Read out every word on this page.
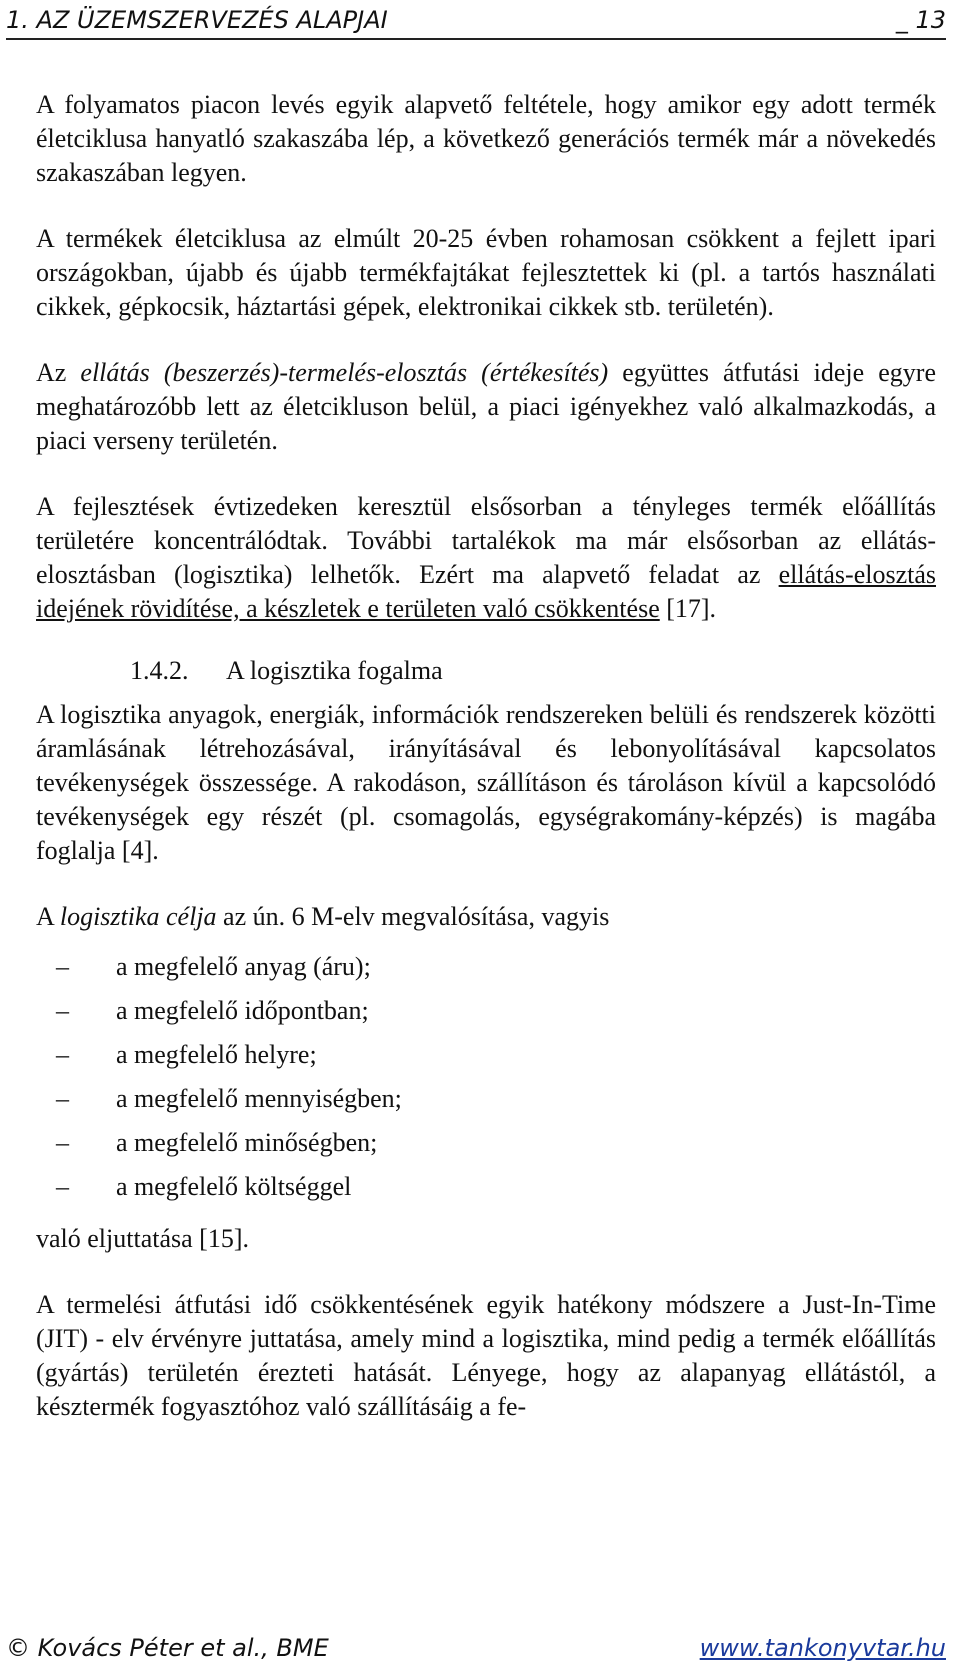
1. AZ ÜZEMSZERVEZÉS ALAPJAI	_ 13

A folyamatos piacon levés egyik alapvető feltétele, hogy amikor egy adott termék életciklusa hanyatló szakaszába lép, a következő generációs termék már a növekedés szakaszában legyen.

A termékek életciklusa az elmúlt 20-25 évben rohamosan csökkent a fejlett ipari országokban, újabb és újabb termékfajtákat fejlesztettek ki (pl. a tartós használati cikkek, gépkocsik, háztartási gépek, elektronikai cikkek stb. területén).

Az ellátás (beszerzés)-termelés-elosztás (értékesítés) együttes átfutási ideje egyre meghatározóbb lett az életcikluson belül, a piaci igényekhez való alkalmazkodás, a piaci verseny területén.

A fejlesztések évtizedeken keresztül elsősorban a tényleges termék előállítás területére koncentrálódtak. További tartalékok ma már elsősorban az ellátás-elosztásban (logisztika) lelhetők. Ezért ma alapvető feladat az ellátás-elosztás idejének rövidítése, a készletek e területen való csökkentése [17].

1.4.2. A logisztika fogalma

A logisztika anyagok, energiák, információk rendszereken belüli és rendszerek közötti áramlásának létrehozásával, irányításával és lebonyolításával kapcsolatos tevékenységek összessége. A rakodáson, szállításon és tároláson kívül a kapcsolódó tevékenységek egy részét (pl. csomagolás, egységrakomány-képzés) is magába foglalja [4].

A logisztika célja az ún. 6 M-elv megvalósítása, vagyis

– a megfelelő anyag (áru);
– a megfelelő időpontban;
– a megfelelő helyre;
– a megfelelő mennyiségben;
– a megfelelő minőségben;
– a megfelelő költséggel

való eljuttatása [15].

A termelési átfutási idő csökkentésének egyik hatékony módszere a Just-In-Time (JIT) - elv érvényre juttatása, amely mind a logisztika, mind pedig a termék előállítás (gyártás) területén érezteti hatását. Lényege, hogy az alapanyag ellátástól, a késztermék fogyasztóhoz való szállításáig a fe-

© Kovács Péter et al., BME	www.tankonyvtar.hu
